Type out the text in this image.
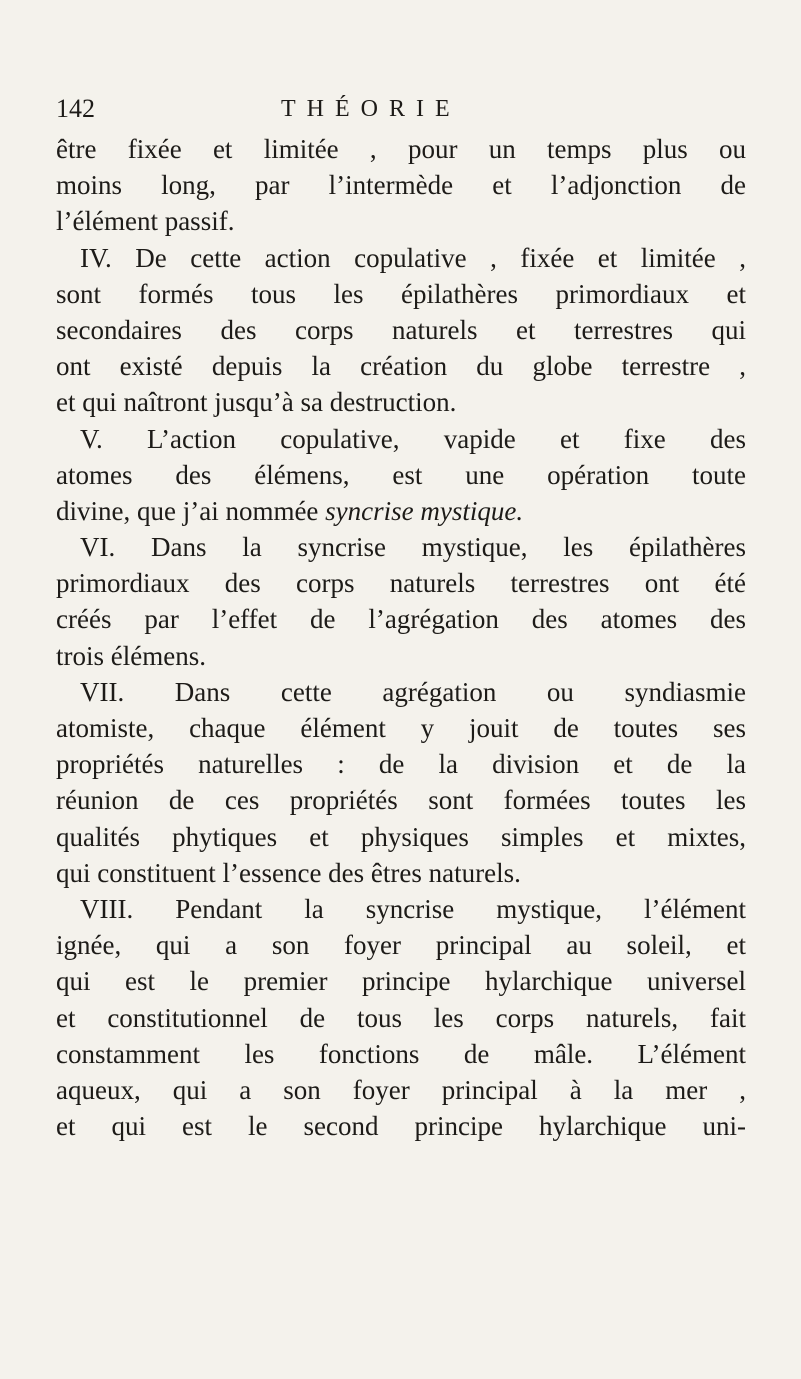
142	THÉORIE
être fixée et limitée , pour un temps plus ou
moins long, par l’intermède et l’adjonction de
l’élément passif.
IV. De cette action copulative , fixée et limitée ,
sont formés tous les épilathères primordiaux et
secondaires des corps naturels et terrestres qui
ont existé depuis la création du globe terrestre ,
et qui naîtront jusqu’à sa destruction.
V. L’action copulative, vapide et fixe des
atomes des élémens, est une opération toute
divine, que j’ai nommée syncrise mystique.
VI. Dans la syncrise mystique, les épilathères
primordiaux des corps naturels terrestres ont été
créés par l’effet de l’agrégation des atomes des
trois élémens.
VII. Dans cette agrégation ou syndiasmie
atomiste, chaque élément y jouit de toutes ses
propriétés naturelles : de la division et de la
réunion de ces propriétés sont formées toutes les
qualités phytiques et physiques simples et mixtes,
qui constituent l’essence des êtres naturels.
VIII. Pendant la syncrise mystique, l’élément
ignée, qui a son foyer principal au soleil, et
qui est le premier principe hylarchique universel
et constitutionnel de tous les corps naturels, fait
constamment les fonctions de mâle. L’élément
aqueux, qui a son foyer principal à la mer ,
et qui est le second principe hylarchique uni-
